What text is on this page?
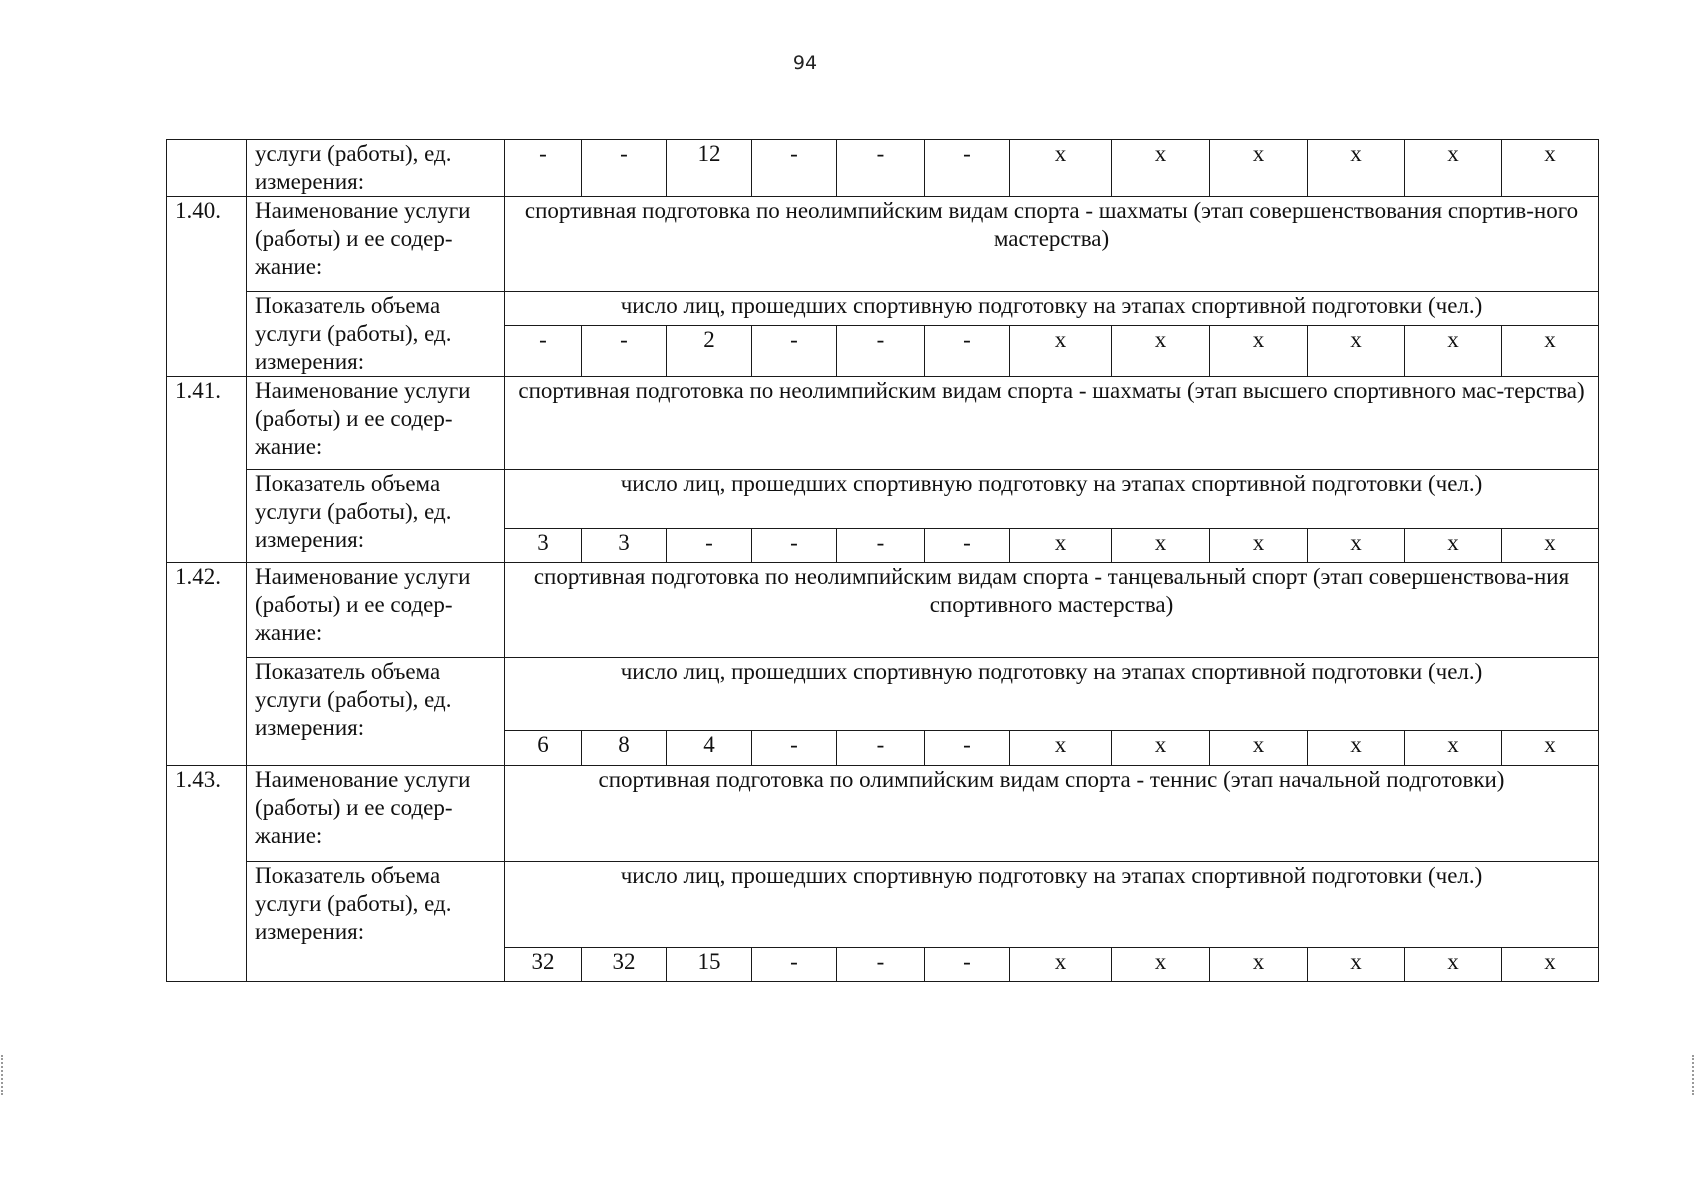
94
	услуги (работы), ед. измерения:	-	-	12	-	-	-	х	х	х	х	х	х
1.40.	Наименование услуги (работы) и ее содер-жание:	спортивная подготовка по неолимпийским видам спорта - шахматы (этап совершенствования спортив-ного мастерства)											
	Показатель объема услуги (работы), ед. измерения:	число лиц, прошедших спортивную подготовку на этапах спортивной подготовки (чел.)											
		-	-	2	-	-	-	х	х	х	х	х	х
1.41.	Наименование услуги (работы) и ее содер-жание:	спортивная подготовка по неолимпийским видам спорта - шахматы (этап высшего спортивного мас-терства)											
	Показатель объема услуги (работы), ед. измерения:	число лиц, прошедших спортивную подготовку на этапах спортивной подготовки (чел.)											
		3	3	-	-	-	-	х	х	х	х	х	х
1.42.	Наименование услуги (работы) и ее содер-жание:	спортивная подготовка по неолимпийским видам спорта - танцевальный спорт (этап совершенствова-ния спортивного мастерства)											
	Показатель объема услуги (работы), ед. измерения:	число лиц, прошедших спортивную подготовку на этапах спортивной подготовки (чел.)											
		6	8	4	-	-	-	х	х	х	х	х	х
1.43.	Наименование услуги (работы) и ее содер-жание:	спортивная подготовка по олимпийским видам спорта - теннис (этап начальной подготовки)											
	Показатель объема услуги (работы), ед. измерения:	число лиц, прошедших спортивную подготовку на этапах спортивной подготовки (чел.)											
		32	32	15	-	-	-	х	х	х	х	х	х
